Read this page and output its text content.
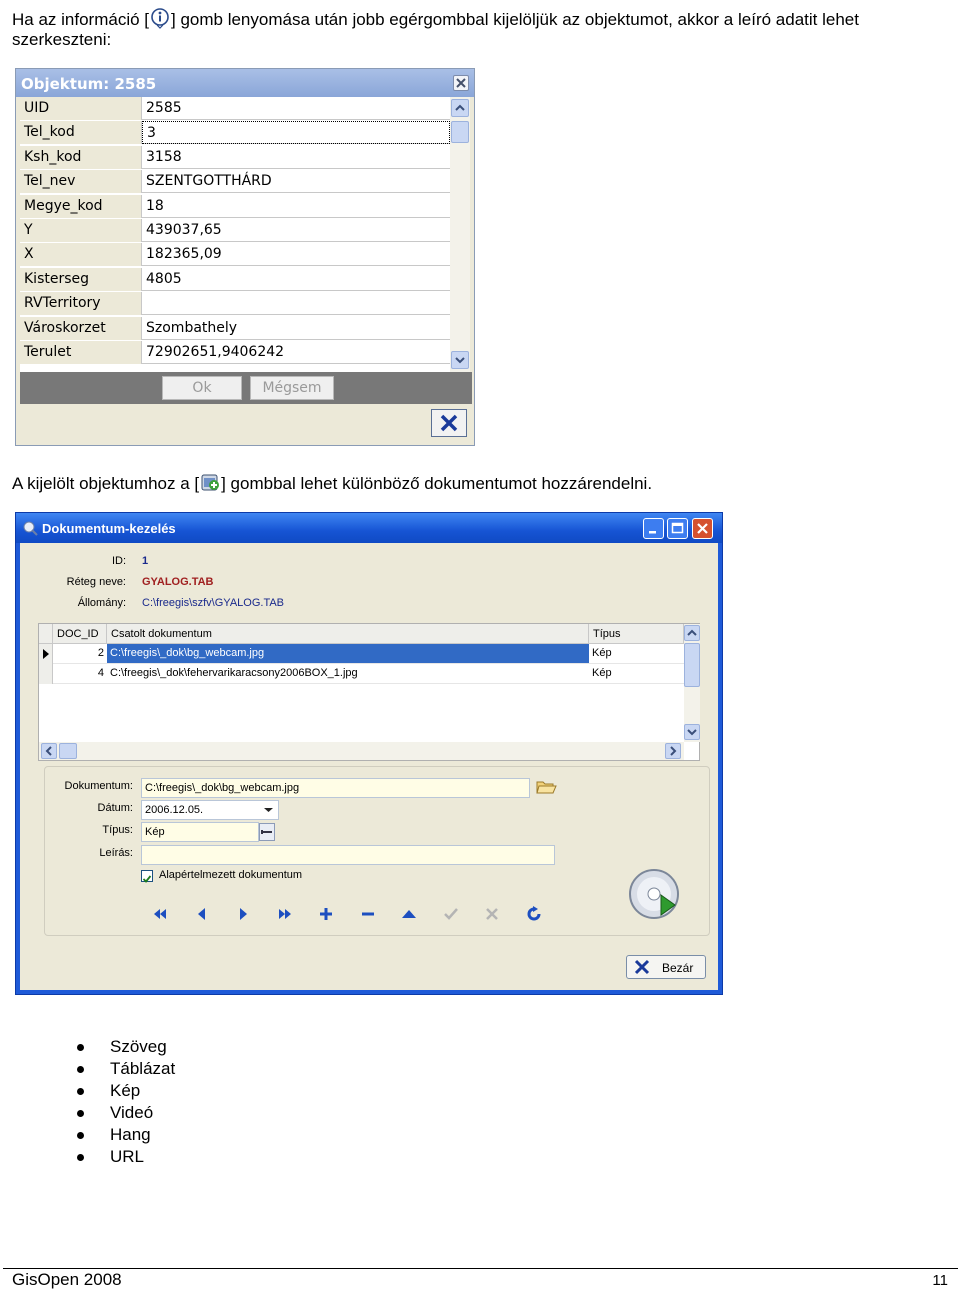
Ha az információ [ ] gomb lenyomása után jobb egérgombbal kijelöljük az objektumot, akkor a leíró adatit lehet
szerkeszteni:
Objektum: 2585
UID	2585
Tel_kod	3
Ksh_kod	3158
Tel_nev	SZENTGOTTHÁRD
Megye_kod	18
Y	439037,65
X	182365,09
Kisterseg	4805
RVTerritory
Városkorzet	Szombathely
Terulet	72902651,9406242
Ok	Mégsem
A kijelölt objektumhoz a [ ] gombbal lehet különböző dokumentumot hozzárendelni.
Dokumentum-kezelés
ID: 1
Réteg neve: GYALOG.TAB
Állomány: C:\freegis\szfv\GYALOG.TAB
DOC_ID	Csatolt dokumentum	Típus
2 C:\freegis\_dok\bg_webcam.jpg	Kép
4 C:\freegis\_dok\fehervarikaracsony2006BOX_1.jpg	Kép
Dokumentum:	C:\freegis\_dok\bg_webcam.jpg
Dátum:	2006.12.05.
Típus:	Kép
Leírás:
Alapértelmezett dokumentum
Bezár
Szöveg
Táblázat
Kép
Videó
Hang
URL
GisOpen 2008	11
